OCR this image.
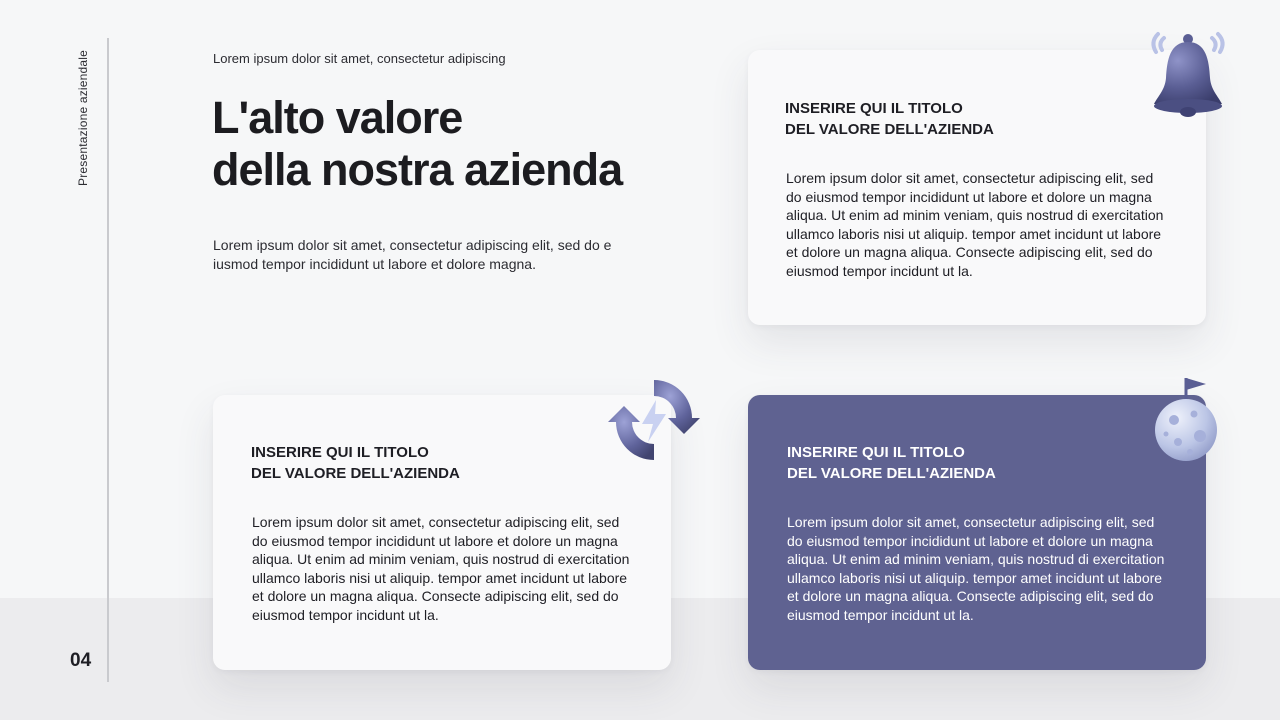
Presentazione aziendale
04
Lorem ipsum dolor sit amet, consectetur adipiscing
L'alto valore
della nostra azienda

Lorem ipsum dolor sit amet, consectetur adipiscing elit, sed do e iusmod tempor incididunt ut labore et dolore magna.

INSERIRE QUI IL TITOLO
DEL VALORE DELL'AZIENDA

Lorem ipsum dolor sit amet, consectetur adipiscing elit, sed do eiusmod tempor incididunt ut labore et dolore un magna aliqua. Ut enim ad minim veniam, quis nostrud di exercitation ullamco laboris nisi ut aliquip. tempor amet incidunt ut labore et dolore un magna aliqua. Consecte adipiscing elit, sed do eiusmod tempor incidunt ut la.

INSERIRE QUI IL TITOLO
DEL VALORE DELL'AZIENDA

Lorem ipsum dolor sit amet, consectetur adipiscing elit, sed do eiusmod tempor incididunt ut labore et dolore un magna aliqua. Ut enim ad minim veniam, quis nostrud di exercitation ullamco laboris nisi ut aliquip. tempor amet incidunt ut labore et dolore un magna aliqua. Consecte adipiscing elit, sed do eiusmod tempor incidunt ut la.

INSERIRE QUI IL TITOLO
DEL VALORE DELL'AZIENDA

Lorem ipsum dolor sit amet, consectetur adipiscing elit, sed do eiusmod tempor incididunt ut labore et dolore un magna aliqua. Ut enim ad minim veniam, quis nostrud di exercitation ullamco laboris nisi ut aliquip. tempor amet incidunt ut labore et dolore un magna aliqua. Consecte adipiscing elit, sed do eiusmod tempor incidunt ut la.
